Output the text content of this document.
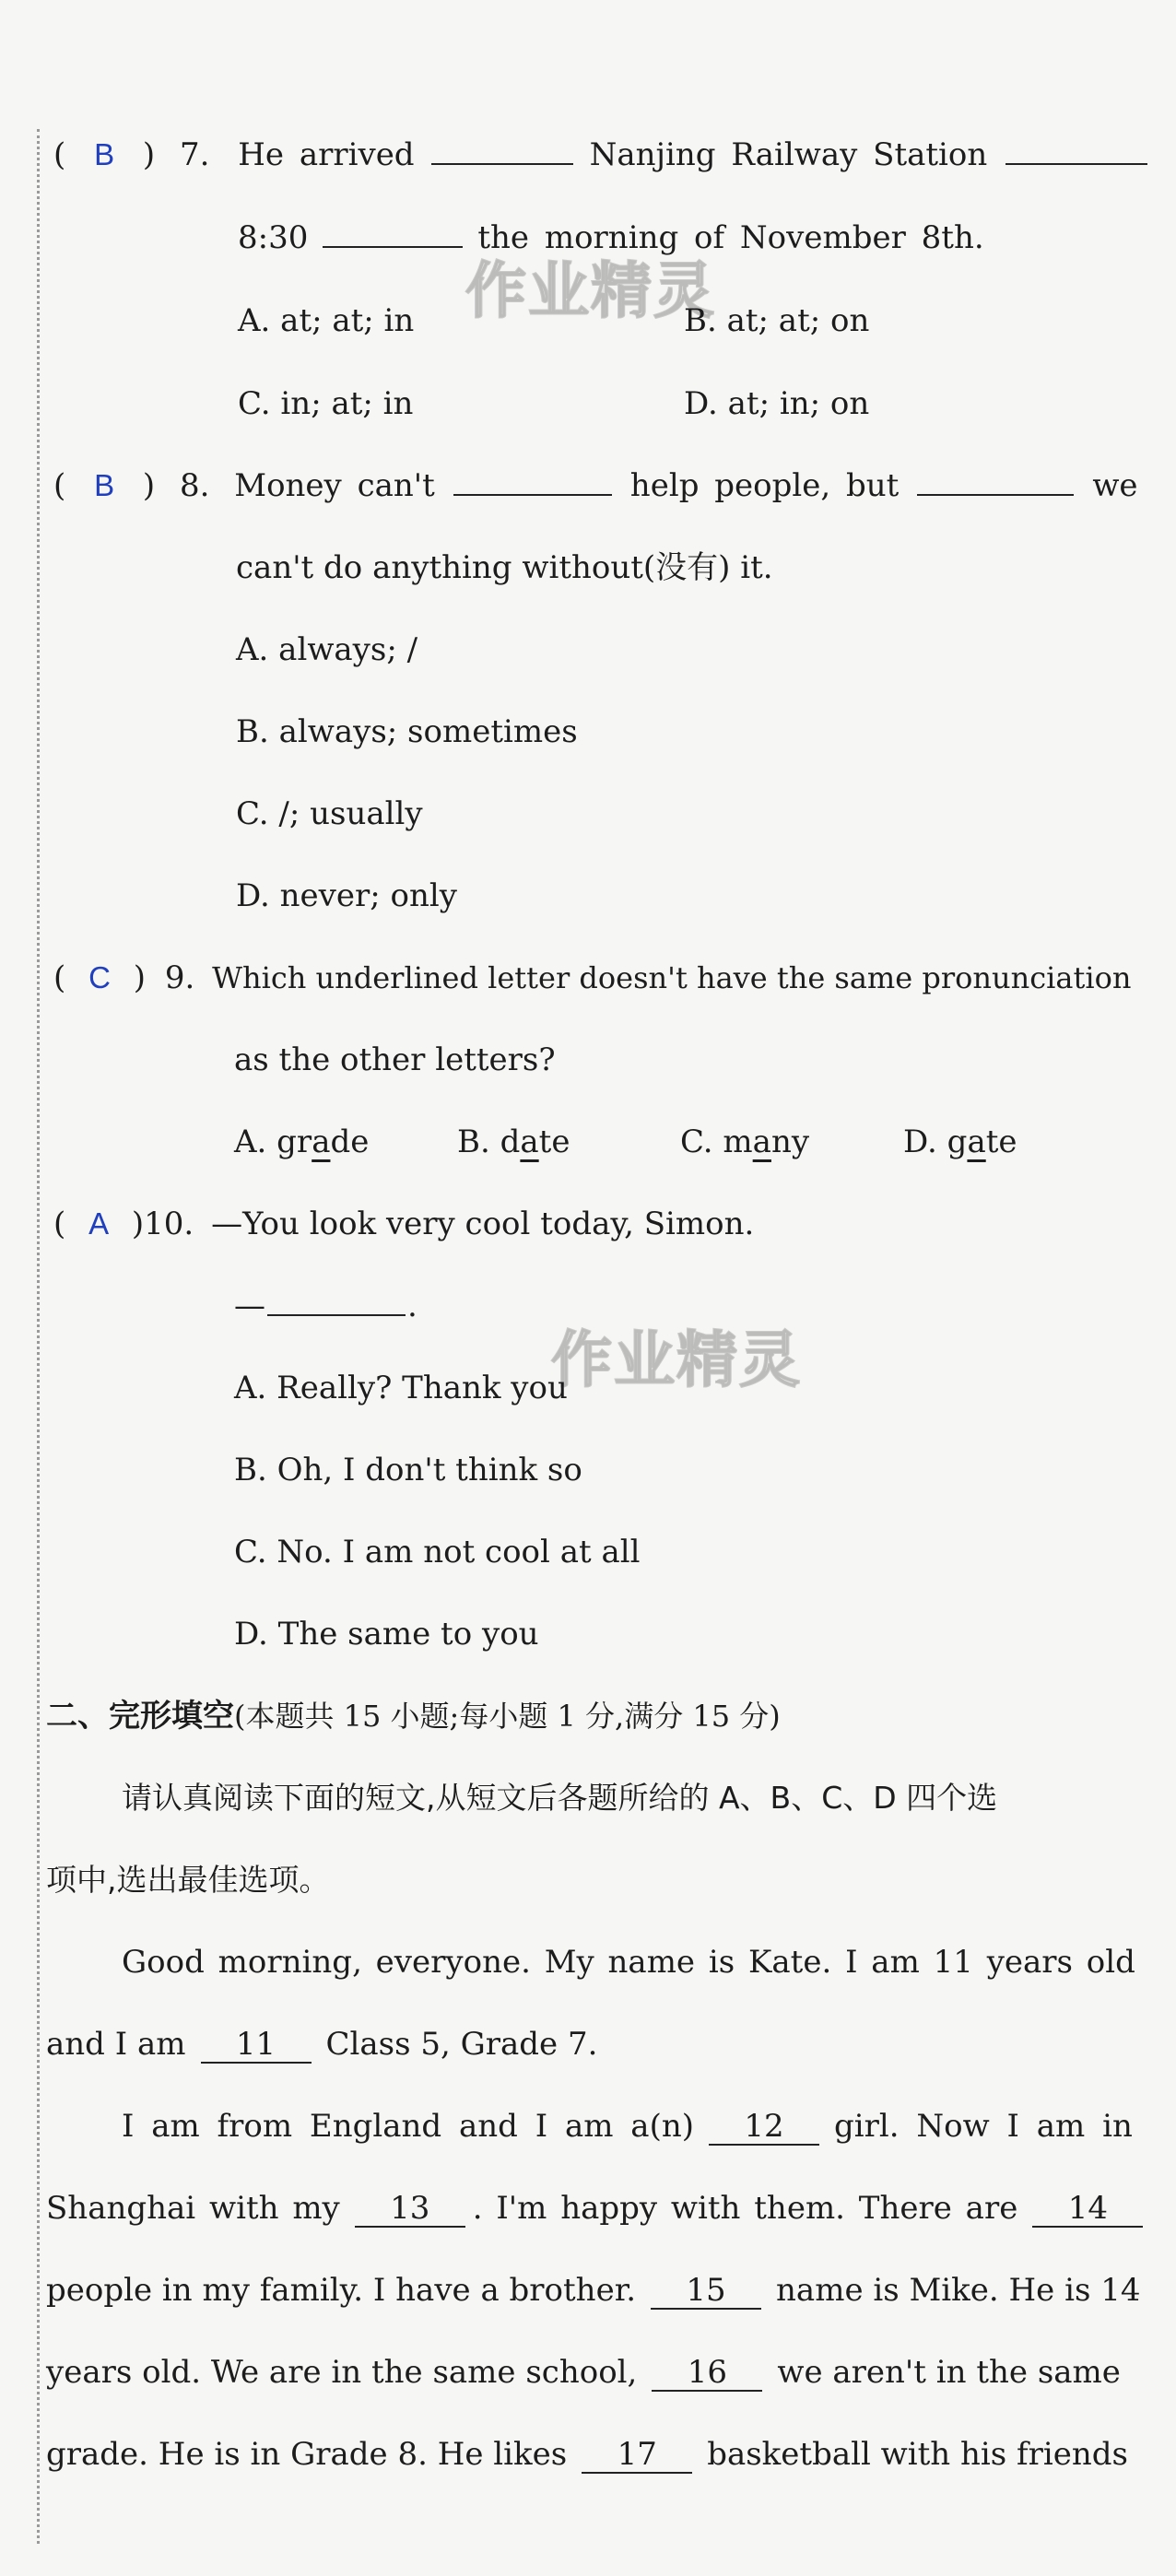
作业精灵
作业精灵
( B ) 7. He arrived	Nanjing Railway Station
8:30	the morning of November 8th.
A. at; at; in	B. at; at; on
C. in; at; in	D. at; in; on
( B ) 8. Money can't	help people, but	we
can't do anything without(没有) it.
A. always; /
B. always; sometimes
C. /; usually
D. never; only
( C ) 9. Which underlined letter doesn't have the same pronunciation
as the other letters?
A. grade	B. date	C. many	D. gate
( A )10. —You look very cool today, Simon.
—	.
A. Really? Thank you
B. Oh, I don't think so
C. No. I am not cool at all
D. The same to you
二、完形填空(本题共 15 小题;每小题 1 分,满分 15 分)
请认真阅读下面的短文,从短文后各题所给的 A、B、C、D 四个选
项中,选出最佳选项。
Good morning, everyone. My name is Kate. I am 11 years old
and I am 11 Class 5, Grade 7.
I am from England and I am a(n) 12 girl. Now I am in
Shanghai with my 13 . I'm happy with them. There are 14
people in my family. I have a brother. 15 name is Mike. He is 14
years old. We are in the same school, 16 we aren't in the same
grade. He is in Grade 8. He likes 17 basketball with his friends
